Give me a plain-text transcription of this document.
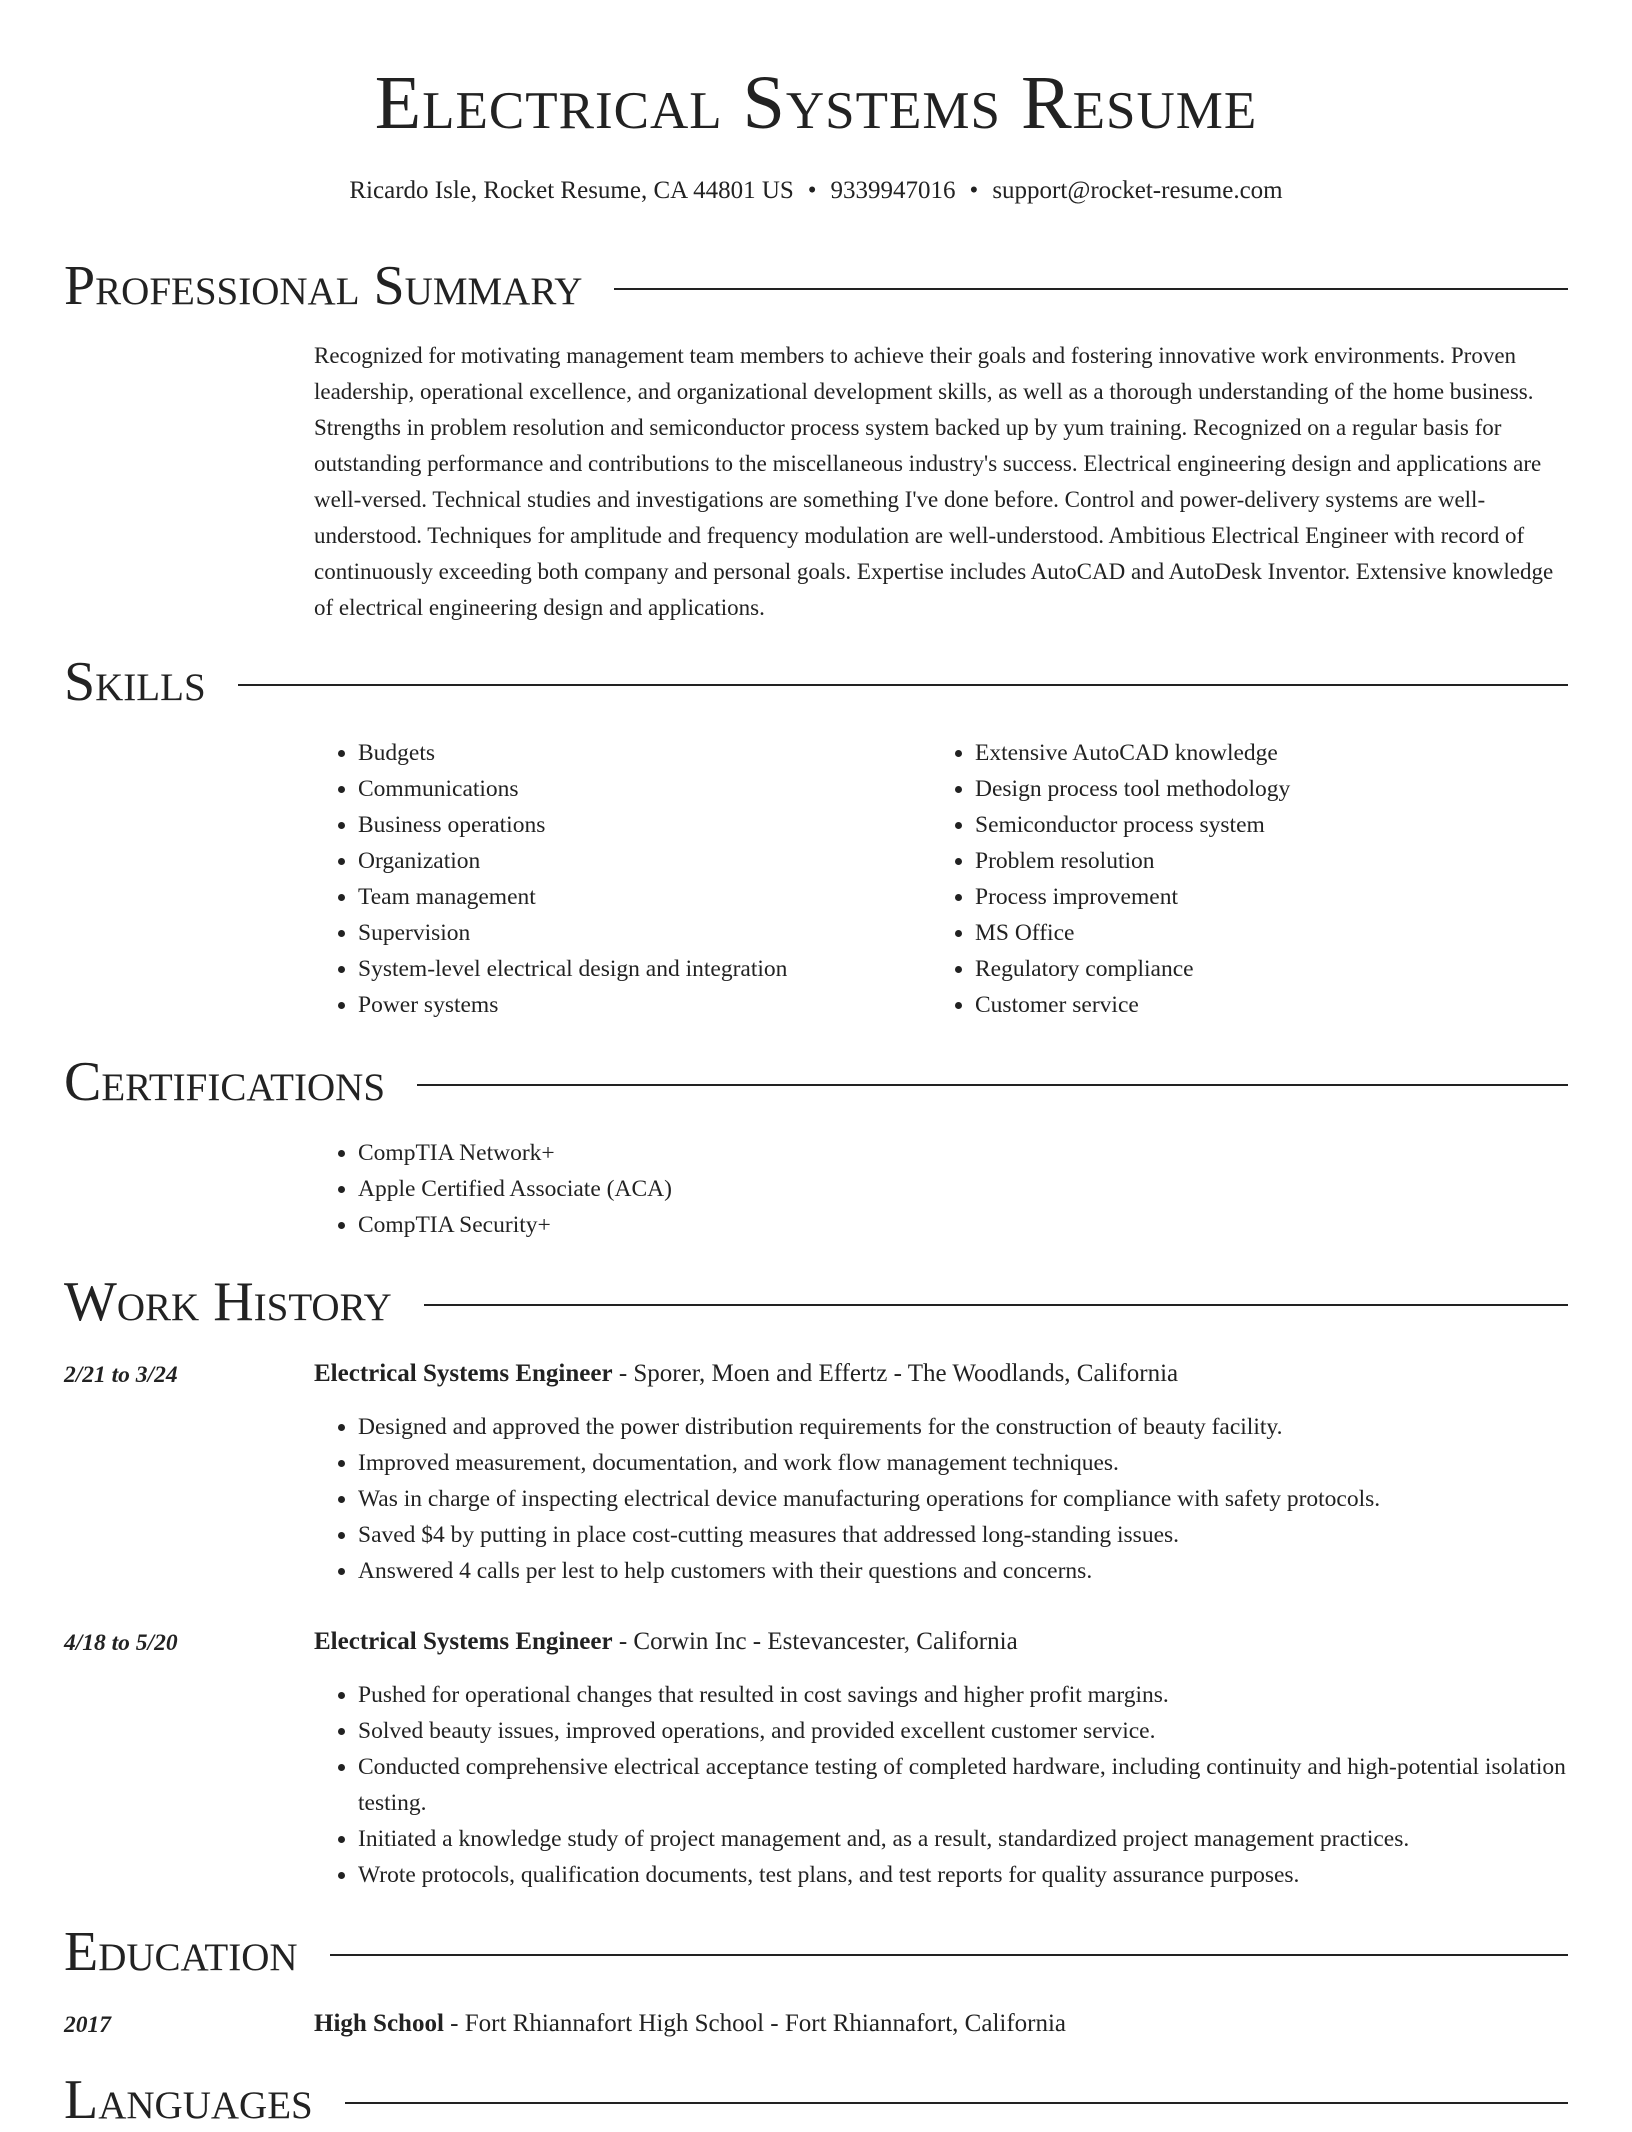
Electrical Systems Resume
Ricardo Isle, Rocket Resume, CA 44801 US • 9339947016 • support@rocket-resume.com
Professional Summary
Recognized for motivating management team members to achieve their goals and fostering innovative work environments. Proven leadership, operational excellence, and organizational development skills, as well as a thorough understanding of the home business. Strengths in problem resolution and semiconductor process system backed up by yum training. Recognized on a regular basis for outstanding performance and contributions to the miscellaneous industry's success. Electrical engineering design and applications are well-versed. Technical studies and investigations are something I've done before. Control and power-delivery systems are well-understood. Techniques for amplitude and frequency modulation are well-understood. Ambitious Electrical Engineer with record of continuously exceeding both company and personal goals. Expertise includes AutoCAD and AutoDesk Inventor. Extensive knowledge of electrical engineering design and applications.
Skills
• Budgets
• Communications
• Business operations
• Organization
• Team management
• Supervision
• System-level electrical design and integration
• Power systems
• Extensive AutoCAD knowledge
• Design process tool methodology
• Semiconductor process system
• Problem resolution
• Process improvement
• MS Office
• Regulatory compliance
• Customer service
Certifications
• CompTIA Network+
• Apple Certified Associate (ACA)
• CompTIA Security+
Work History
2/21 to 3/24	Electrical Systems Engineer - Sporer, Moen and Effertz - The Woodlands, California
• Designed and approved the power distribution requirements for the construction of beauty facility.
• Improved measurement, documentation, and work flow management techniques.
• Was in charge of inspecting electrical device manufacturing operations for compliance with safety protocols.
• Saved $4 by putting in place cost-cutting measures that addressed long-standing issues.
• Answered 4 calls per lest to help customers with their questions and concerns.
4/18 to 5/20	Electrical Systems Engineer - Corwin Inc - Estevancester, California
• Pushed for operational changes that resulted in cost savings and higher profit margins.
• Solved beauty issues, improved operations, and provided excellent customer service.
• Conducted comprehensive electrical acceptance testing of completed hardware, including continuity and high-potential isolation testing.
• Initiated a knowledge study of project management and, as a result, standardized project management practices.
• Wrote protocols, qualification documents, test plans, and test reports for quality assurance purposes.
Education
2017	High School - Fort Rhiannafort High School - Fort Rhiannafort, California
Languages
